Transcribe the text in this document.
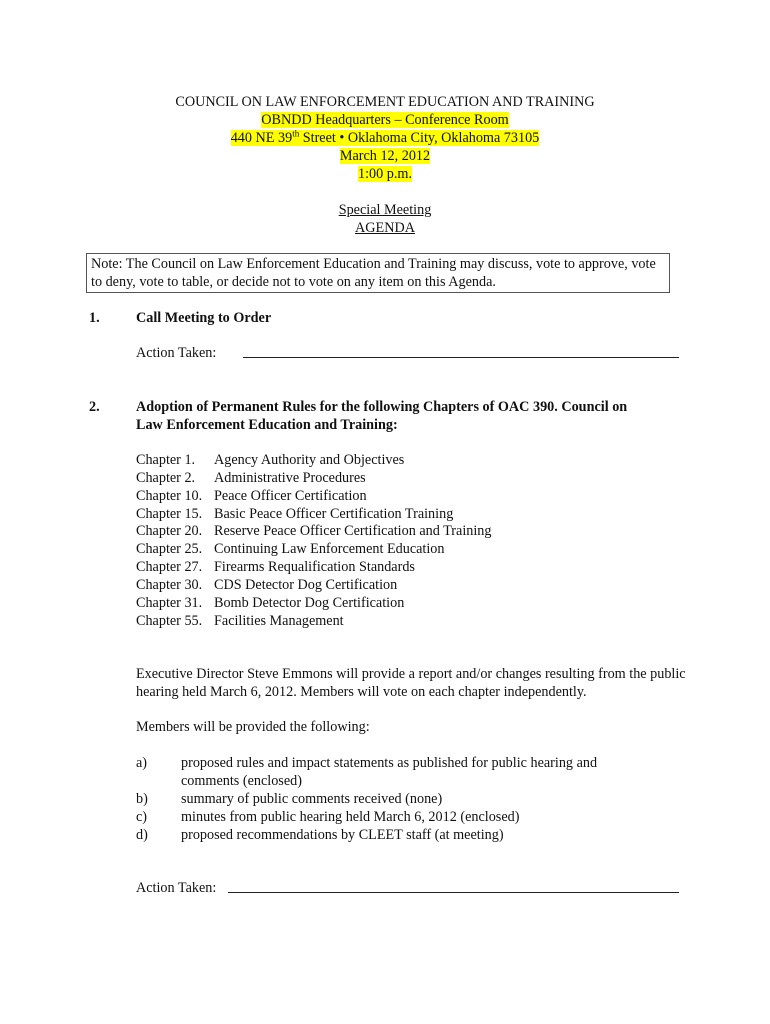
COUNCIL ON LAW ENFORCEMENT EDUCATION AND TRAINING
OBNDD Headquarters – Conference Room
440 NE 39th Street • Oklahoma City, Oklahoma 73105
March 12, 2012
1:00 p.m.
Special Meeting
AGENDA
Note: The Council on Law Enforcement Education and Training may discuss, vote to approve, vote to deny, vote to table, or decide not to vote on any item on this Agenda.
1.	Call Meeting to Order
Action Taken:
2.	Adoption of Permanent Rules for the following Chapters of OAC 390. Council on
Law Enforcement Education and Training:
Chapter 1. Agency Authority and Objectives
Chapter 2. Administrative Procedures
Chapter 10. Peace Officer Certification
Chapter 15. Basic Peace Officer Certification Training
Chapter 20. Reserve Peace Officer Certification and Training
Chapter 25. Continuing Law Enforcement Education
Chapter 27. Firearms Requalification Standards
Chapter 30. CDS Detector Dog Certification
Chapter 31. Bomb Detector Dog Certification
Chapter 55. Facilities Management
Executive Director Steve Emmons will provide a report and/or changes resulting from the public hearing held March 6, 2012. Members will vote on each chapter independently.
Members will be provided the following:
a) proposed rules and impact statements as published for public hearing and comments (enclosed)
b) summary of public comments received (none)
c) minutes from public hearing held March 6, 2012 (enclosed)
d) proposed recommendations by CLEET staff (at meeting)
Action Taken:
